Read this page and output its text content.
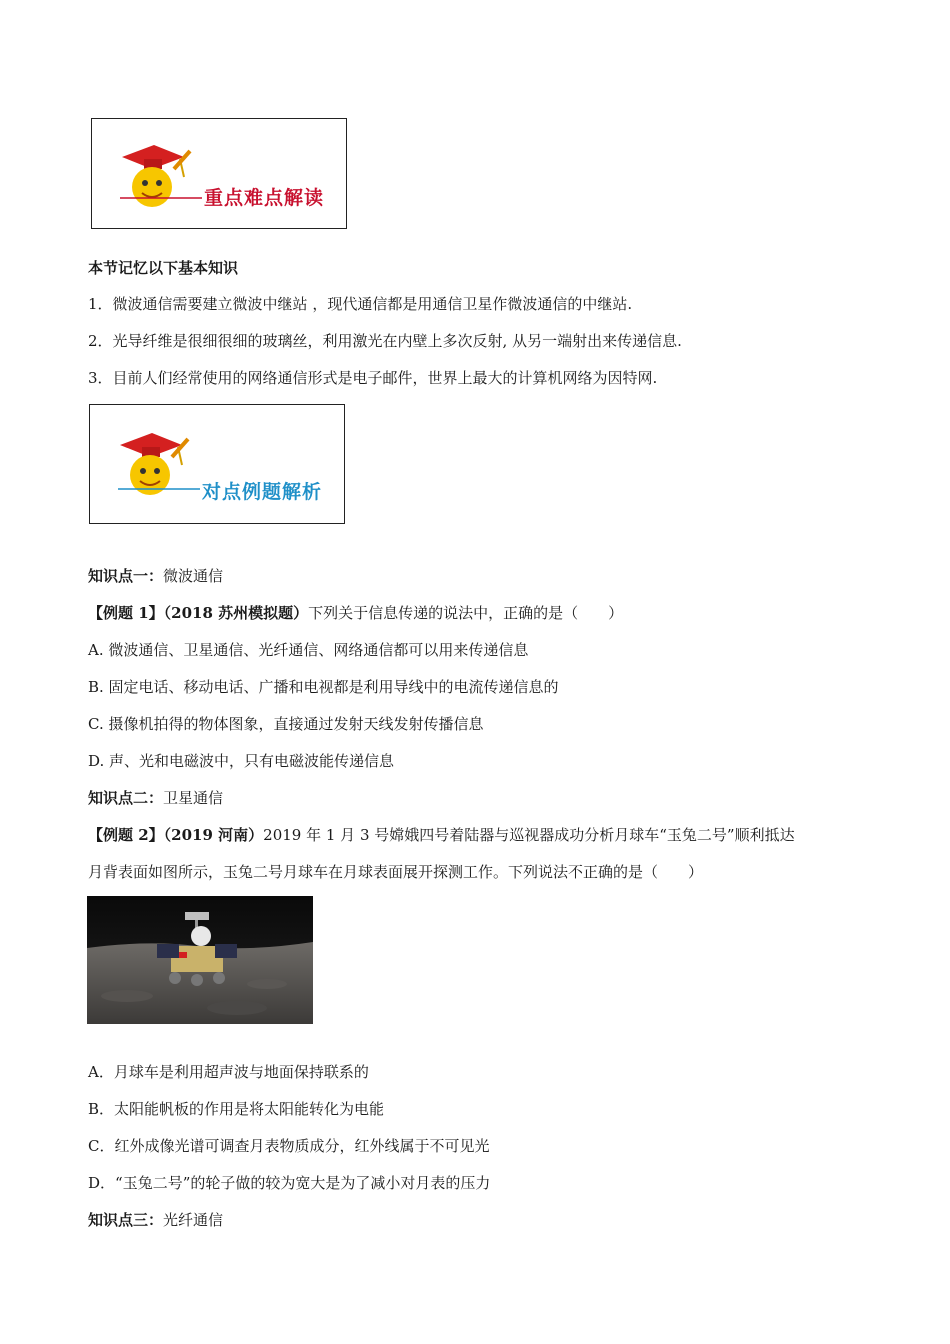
重点难点解读
本节记忆以下基本知识
1．微波通信需要建立微波中继站 ，现代通信都是用通信卫星作微波通信的中继站.
2．光导纤维是很细很细的玻璃丝，利用激光在内壁上多次反射, 从另一端射出来传递信息.
3．目前人们经常使用的网络通信形式是电子邮件，世界上最大的计算机网络为因特网.
对点例题解析
知识点一：微波通信
【例题 1】（2018 苏州模拟题）下列关于信息传递的说法中，正确的是（　　）
A. 微波通信、卫星通信、光纤通信、网络通信都可以用来传递信息
B. 固定电话、移动电话、广播和电视都是利用导线中的电流传递信息的
C. 摄像机拍得的物体图象，直接通过发射天线发射传播信息
D. 声、光和电磁波中，只有电磁波能传递信息
知识点二：卫星通信
【例题 2】（2019 河南）2019 年 1 月 3 号嫦娥四号着陆器与巡视器成功分析月球车“玉兔二号”顺利抵达
月背表面如图所示，玉兔二号月球车在月球表面展开探测工作。下列说法不正确的是（　　）
A．月球车是利用超声波与地面保持联系的
B．太阳能帆板的作用是将太阳能转化为电能
C．红外成像光谱可调查月表物质成分，红外线属于不可见光
D．“玉兔二号”的轮子做的较为宽大是为了减小对月表的压力
知识点三：光纤通信
